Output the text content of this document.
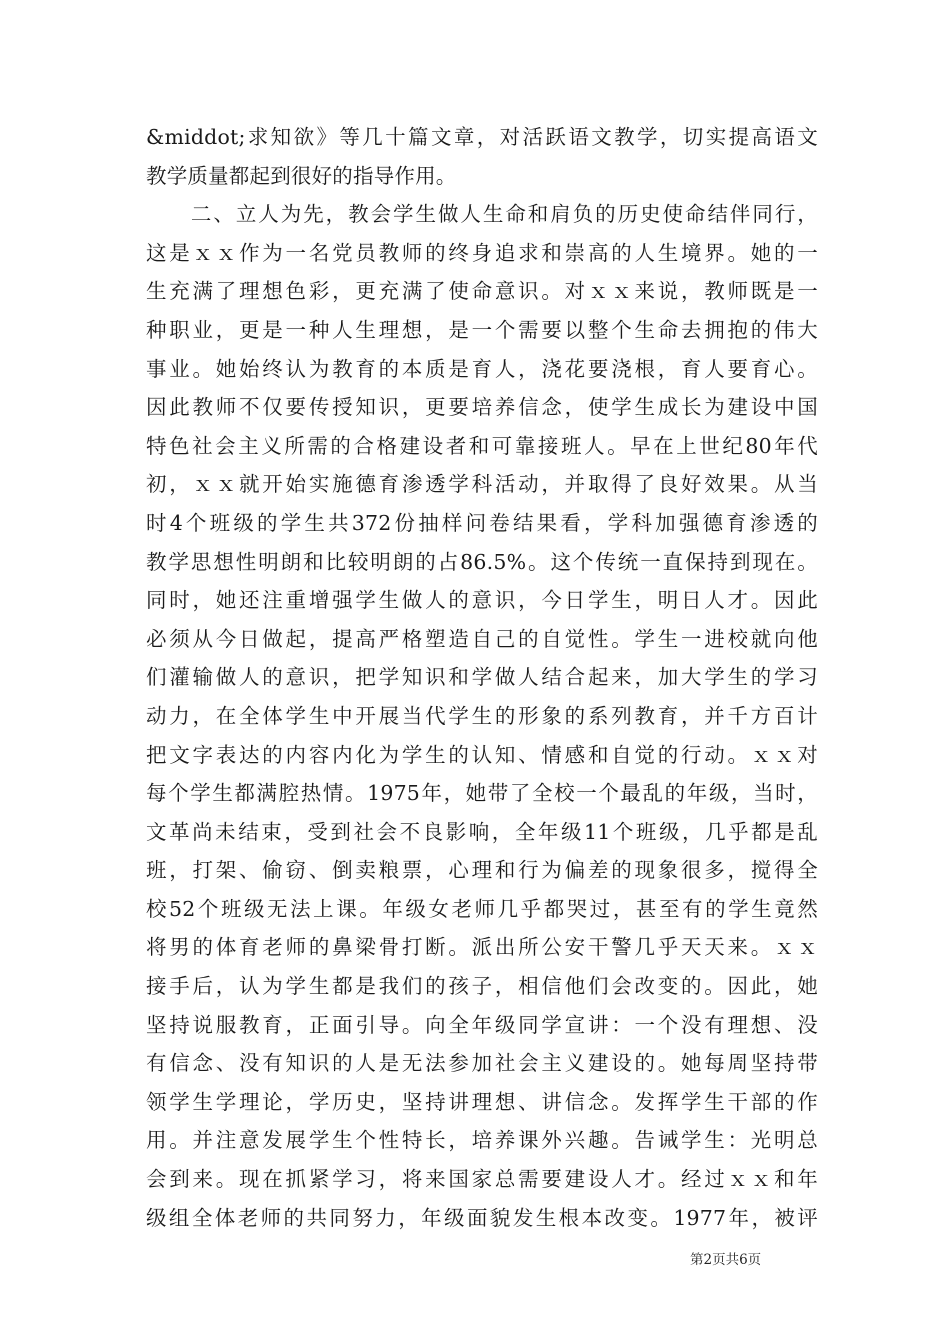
&middot;求知欲》等几十篇文章，对活跃语文教学，切实提高语文
教学质量都起到很好的指导作用。
　　二、立人为先，教会学生做人生命和肩负的历史使命结伴同行，
这是ｘｘ作为一名党员教师的终身追求和崇高的人生境界。她的一
生充满了理想色彩，更充满了使命意识。对ｘｘ来说，教师既是一
种职业，更是一种人生理想，是一个需要以整个生命去拥抱的伟大
事业。她始终认为教育的本质是育人，浇花要浇根，育人要育心。
因此教师不仅要传授知识，更要培养信念，使学生成长为建设中国
特色社会主义所需的合格建设者和可靠接班人。早在上世纪80年代
初，ｘｘ就开始实施德育渗透学科活动，并取得了良好效果。从当
时4个班级的学生共372份抽样问卷结果看，学科加强德育渗透的
教学思想性明朗和比较明朗的占86.5%。这个传统一直保持到现在。
同时，她还注重增强学生做人的意识，今日学生，明日人才。因此
必须从今日做起，提高严格塑造自己的自觉性。学生一进校就向他
们灌输做人的意识，把学知识和学做人结合起来，加大学生的学习
动力，在全体学生中开展当代学生的形象的系列教育，并千方百计
把文字表达的内容内化为学生的认知、情感和自觉的行动。ｘｘ对
每个学生都满腔热情。1975年，她带了全校一个最乱的年级，当时，
文革尚未结束，受到社会不良影响，全年级11个班级，几乎都是乱
班，打架、偷窃、倒卖粮票，心理和行为偏差的现象很多，搅得全
校52个班级无法上课。年级女老师几乎都哭过，甚至有的学生竟然
将男的体育老师的鼻梁骨打断。派出所公安干警几乎天天来。ｘｘ
接手后，认为学生都是我们的孩子，相信他们会改变的。因此，她
坚持说服教育，正面引导。向全年级同学宣讲：一个没有理想、没
有信念、没有知识的人是无法参加社会主义建设的。她每周坚持带
领学生学理论，学历史，坚持讲理想、讲信念。发挥学生干部的作
用。并注意发展学生个性特长，培养课外兴趣。告诫学生：光明总
会到来。现在抓紧学习，将来国家总需要建设人才。经过ｘｘ和年
级组全体老师的共同努力，年级面貌发生根本改变。1977年，被评
第2页共6页
